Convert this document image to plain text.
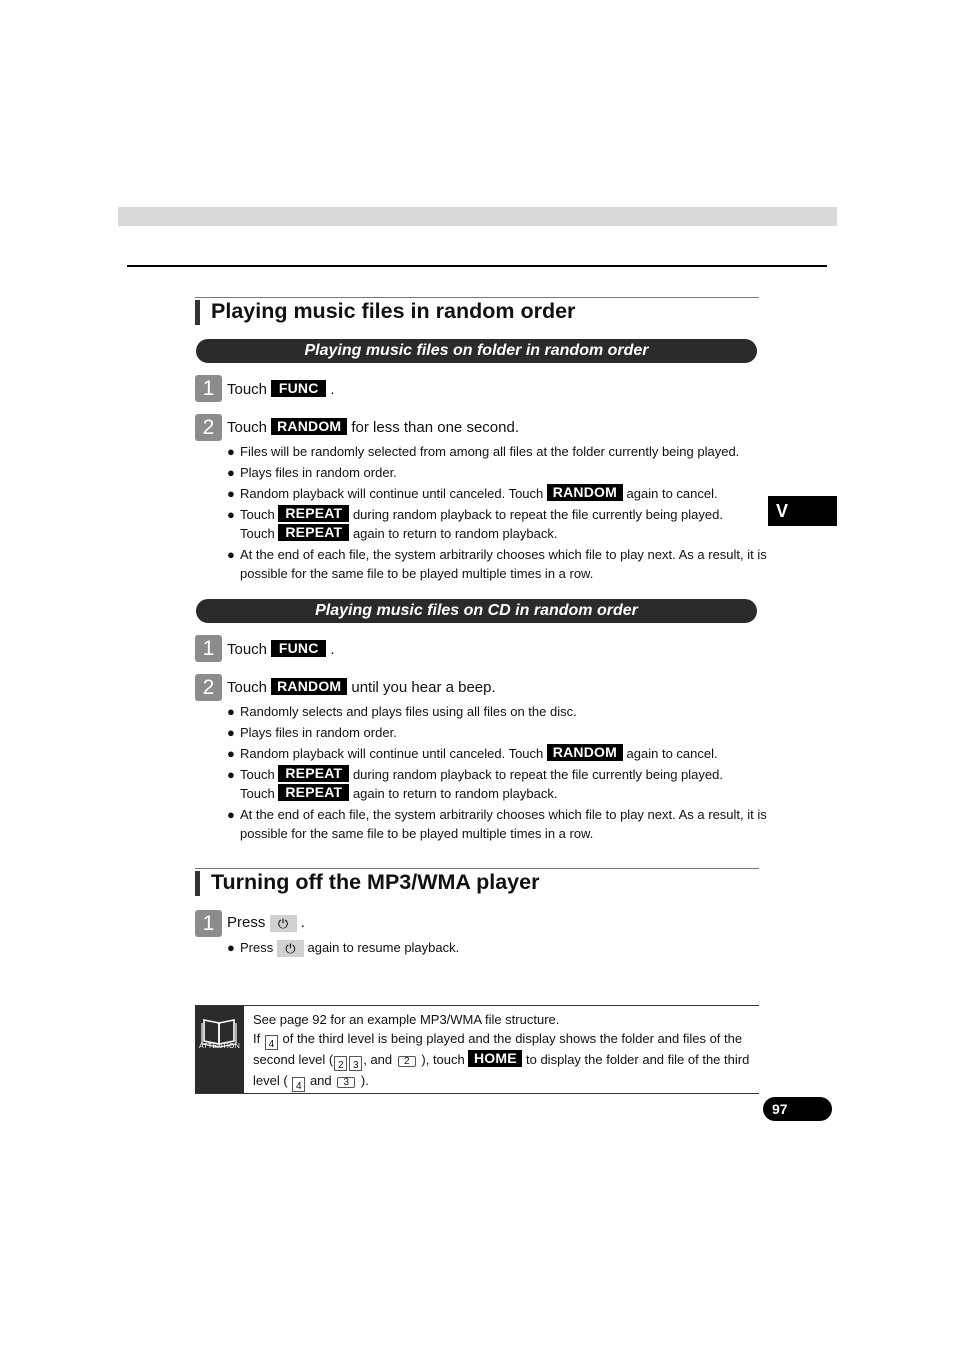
Playing music files in random order
Playing music files on folder in random order
1 Touch FUNC .
2 Touch RANDOM for less than one second.
● Files will be randomly selected from among all files at the folder currently being played.
● Plays files in random order.
● Random playback will continue until canceled. Touch RANDOM again to cancel.
● Touch REPEAT during random playback to repeat the file currently being played.
Touch REPEAT again to return to random playback.
● At the end of each file, the system arbitrarily chooses which file to play next. As a result, it is possible for the same file to be played multiple times in a row.
Playing music files on CD in random order
1 Touch FUNC .
2 Touch RANDOM until you hear a beep.
● Randomly selects and plays files using all files on the disc.
● Plays files in random order.
● Random playback will continue until canceled. Touch RANDOM again to cancel.
● Touch REPEAT during random playback to repeat the file currently being played.
Touch REPEAT again to return to random playback.
● At the end of each file, the system arbitrarily chooses which file to play next. As a result, it is possible for the same file to be played multiple times in a row.
Turning off the MP3/WMA player
1 Press ⏻ .
● Press ⏻ again to resume playback.
ATTENTION
See page 92 for an example MP3/WMA file structure.
If 4 of the third level is being played and the display shows the folder and files of the second level ( 2 3 , and 2 ), touch HOME to display the folder and file of the third level ( 4 and 3 ).
V
97
